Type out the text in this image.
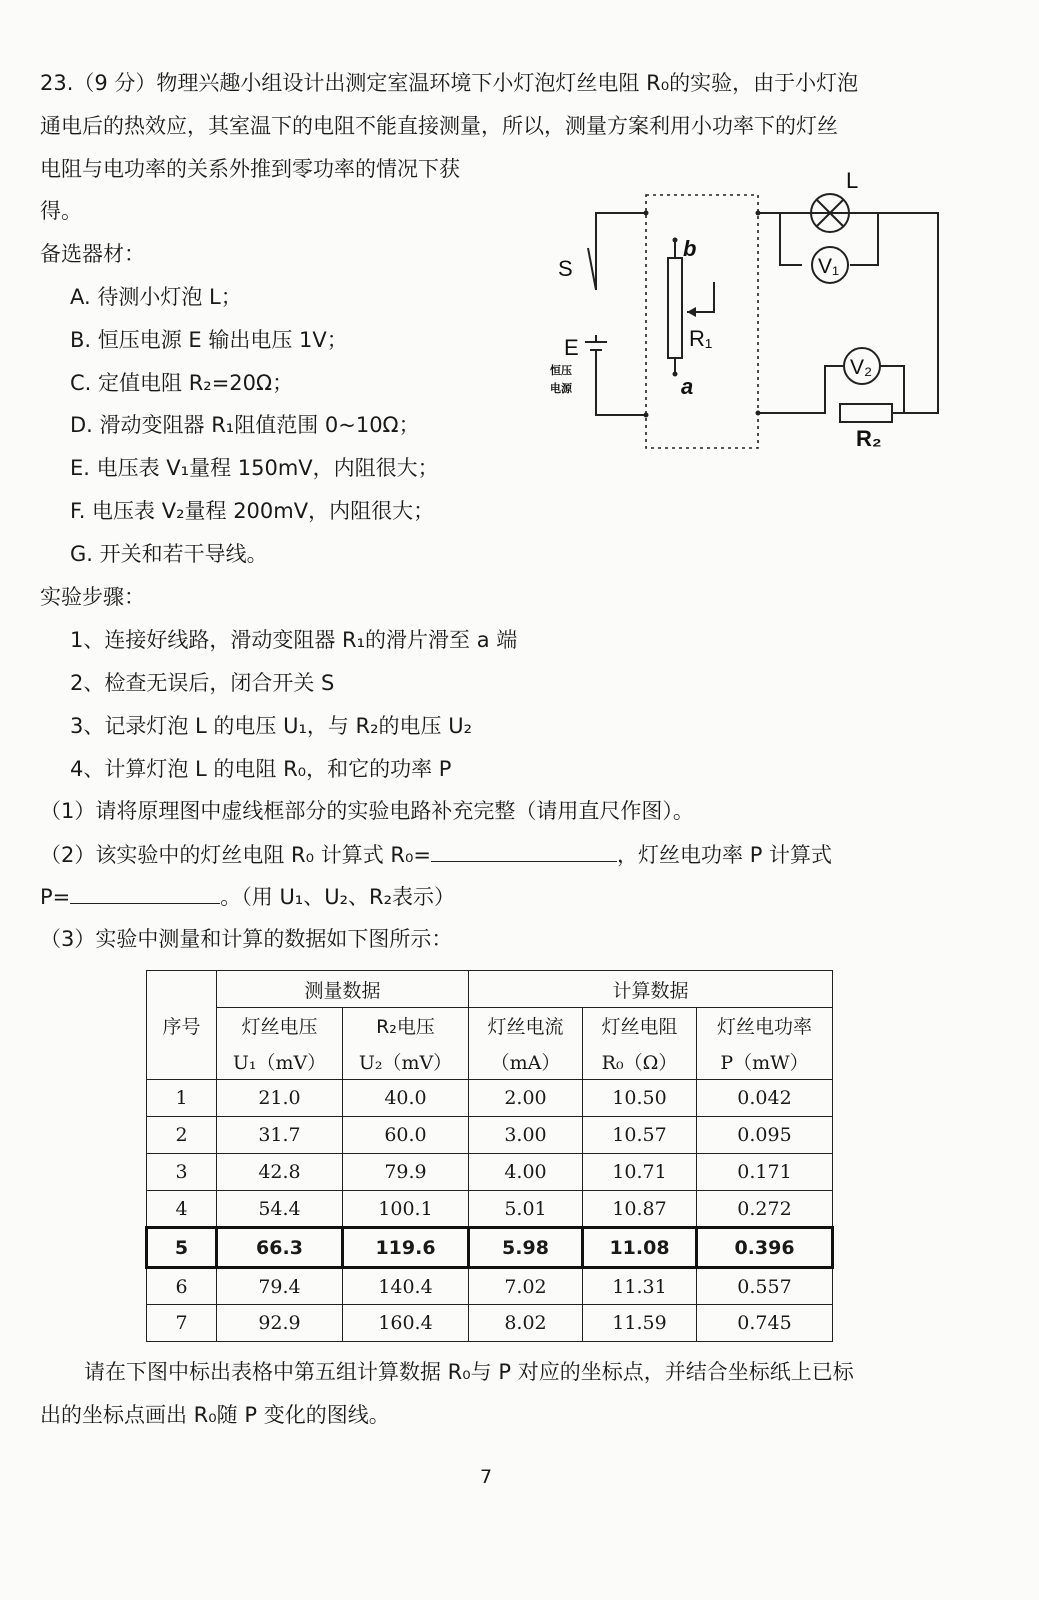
23.（9 分）物理兴趣小组设计出测定室温环境下小灯泡灯丝电阻 R₀的实验，由于小灯泡
通电后的热效应，其室温下的电阻不能直接测量，所以，测量方案利用小功率下的灯丝
电阻与电功率的关系外推到零功率的情况下获
得。
备选器材：
A. 待测小灯泡 L；
B. 恒压电源 E 输出电压 1V；
C. 定值电阻 R₂=20Ω；
D. 滑动变阻器 R₁阻值范围 0~10Ω；
E. 电压表 V₁量程 150mV，内阻很大；
F. 电压表 V₂量程 200mV，内阻很大；
G. 开关和若干导线。
实验步骤：
1、连接好线路，滑动变阻器 R₁的滑片滑至 a 端
2、检查无误后，闭合开关 S
3、记录灯泡 L 的电压 U₁，与 R₂的电压 U₂
4、计算灯泡 L 的电阻 R₀，和它的功率 P
（1）请将原理图中虚线框部分的实验电路补充完整（请用直尺作图）。
（2）该实验中的灯丝电阻 R₀ 计算式 R₀=	，灯丝电功率 P 计算式
P=	。（用 U₁、U₂、R₂表示）
（3）实验中测量和计算的数据如下图所示：
L
S
E
b
a
R₁
R₂
V₁
V₂
恒压
电源
序号	测量数据		计算数据		
	灯丝电压	R₂电压	灯丝电流	灯丝电阻	灯丝电功率
	U₁（mV）	U₂（mV）	（mA）	R₀（Ω）	P（mW）
1	21.0	40.0	2.00	10.50	0.042
2	31.7	60.0	3.00	10.57	0.095
3	42.8	79.9	4.00	10.71	0.171
4	54.4	100.1	5.01	10.87	0.272
5	66.3	119.6	5.98	11.08	0.396
6	79.4	140.4	7.02	11.31	0.557
7	92.9	160.4	8.02	11.59	0.745
请在下图中标出表格中第五组计算数据 R₀与 P 对应的坐标点，并结合坐标纸上已标
出的坐标点画出 R₀随 P 变化的图线。
7
